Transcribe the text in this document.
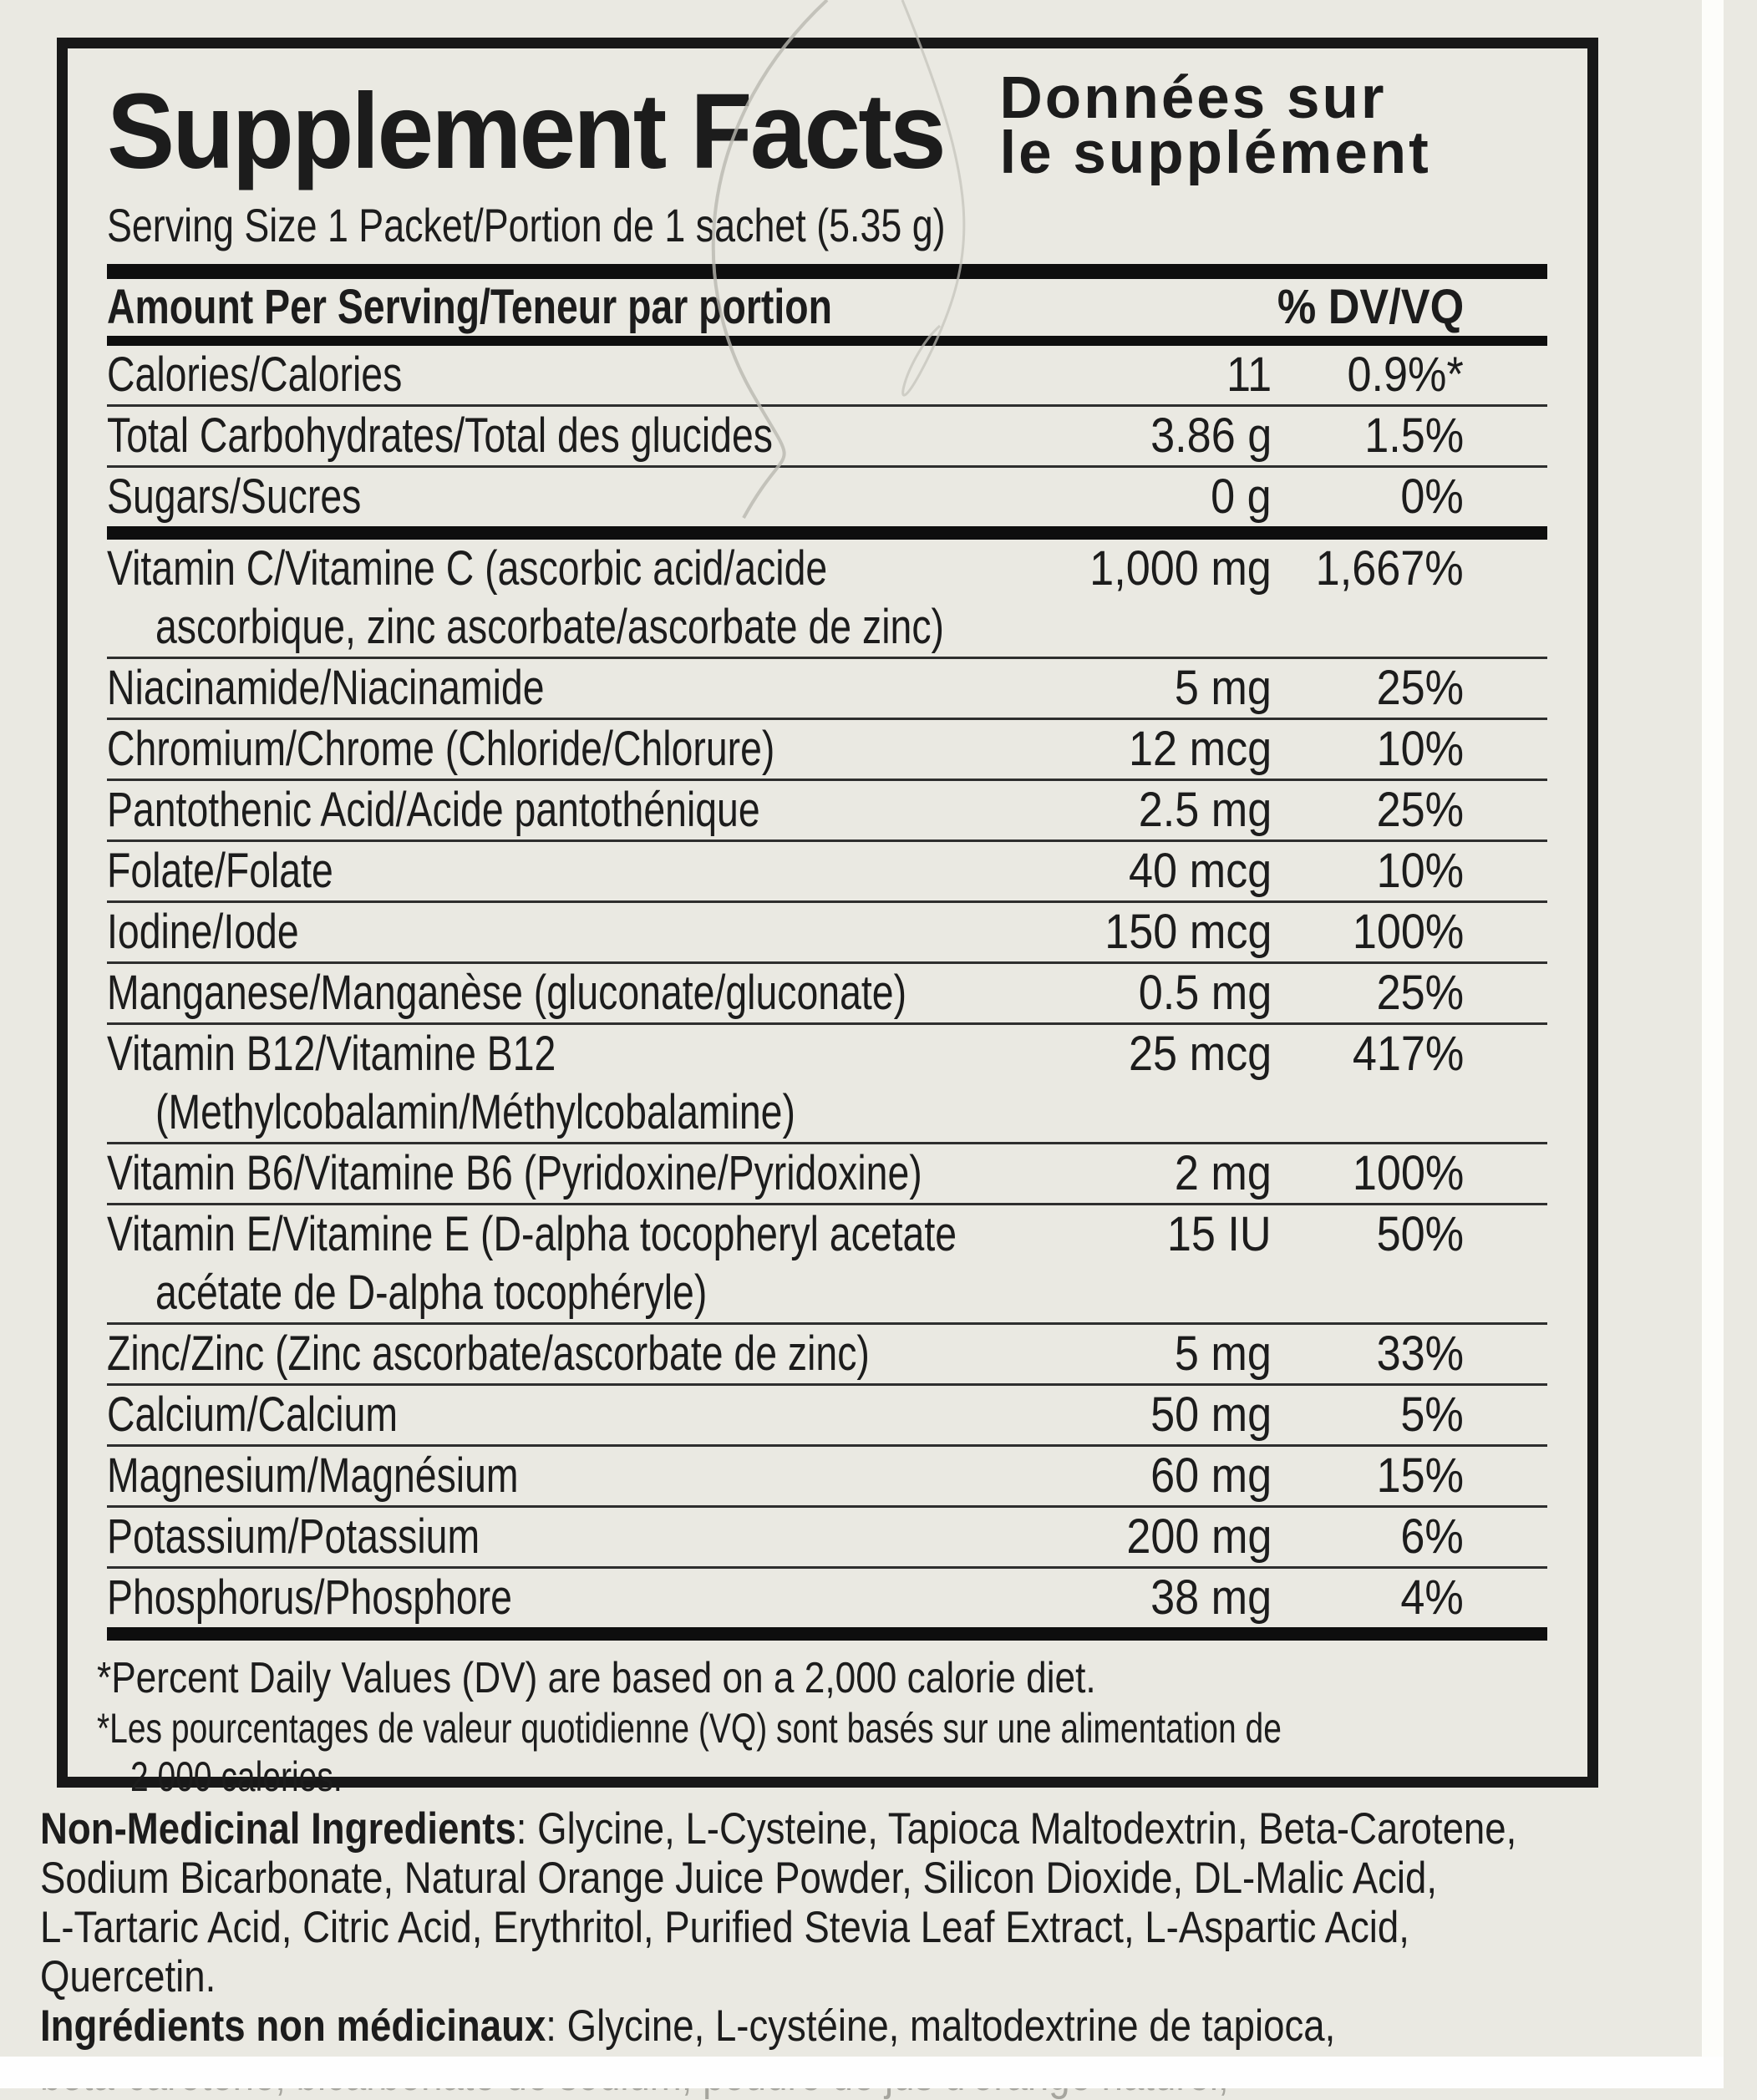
Supplement Facts Données sur
le supplément
Serving Size 1 Packet/Portion de 1 sachet (5.35 g)
Amount Per Serving/Teneur par portion	% DV/VQ
Calories/Calories	11 0.9%*
Total Carbohydrates/Total des glucides	3.86 g 1.5%
Sugars/Sucres	0 g	0%
Vitamin C/Vitamine C (ascorbic acid/acide
ascorbique, zinc ascorbate/ascorbate de zinc)
1,000 mg 1,667%
Niacinamide/Niacinamide	5 mg 25%
Chromium/Chrome (Chloride/Chlorure)	12 mcg 10%
Pantothenic Acid/Acide pantothénique	2.5 mg 25%
Folate/Folate	40 mcg 10%
Iodine/Iode	150 mcg 100%
Manganese/Manganèse (gluconate/gluconate)	0.5 mg 25%
Vitamin B12/Vitamine B12
(Methylcobalamin/Méthylcobalamine)
25 mcg 417%
Vitamin B6/Vitamine B6 (Pyridoxine/Pyridoxine)	2 mg 100%
Vitamin E/Vitamine E (D-alpha tocopheryl acetate
acétate de D-alpha tocophéryle)
15 IU 50%
Zinc/Zinc (Zinc ascorbate/ascorbate de zinc)	5 mg 33%
Calcium/Calcium	50 mg	5%
Magnesium/Magnésium	60 mg 15%
Potassium/Potassium	200 mg	6%
Phosphorus/Phosphore	38 mg	4%
*Percent Daily Values (DV) are based on a 2,000 calorie diet.
*Les pourcentages de valeur quotidienne (VQ) sont basés sur une alimentation de
2 000 calories.
Non-Medicinal Ingredients: Glycine, L-Cysteine, Tapioca Maltodextrin, Beta-Carotene,
Sodium Bicarbonate, Natural Orange Juice Powder, Silicon Dioxide, DL-Malic Acid,
L-Tartaric Acid, Citric Acid, Erythritol, Purified Stevia Leaf Extract, L-Aspartic Acid,
Quercetin.
Ingrédients non médicinaux: Glycine, L-cystéine, maltodextrine de tapioca,
